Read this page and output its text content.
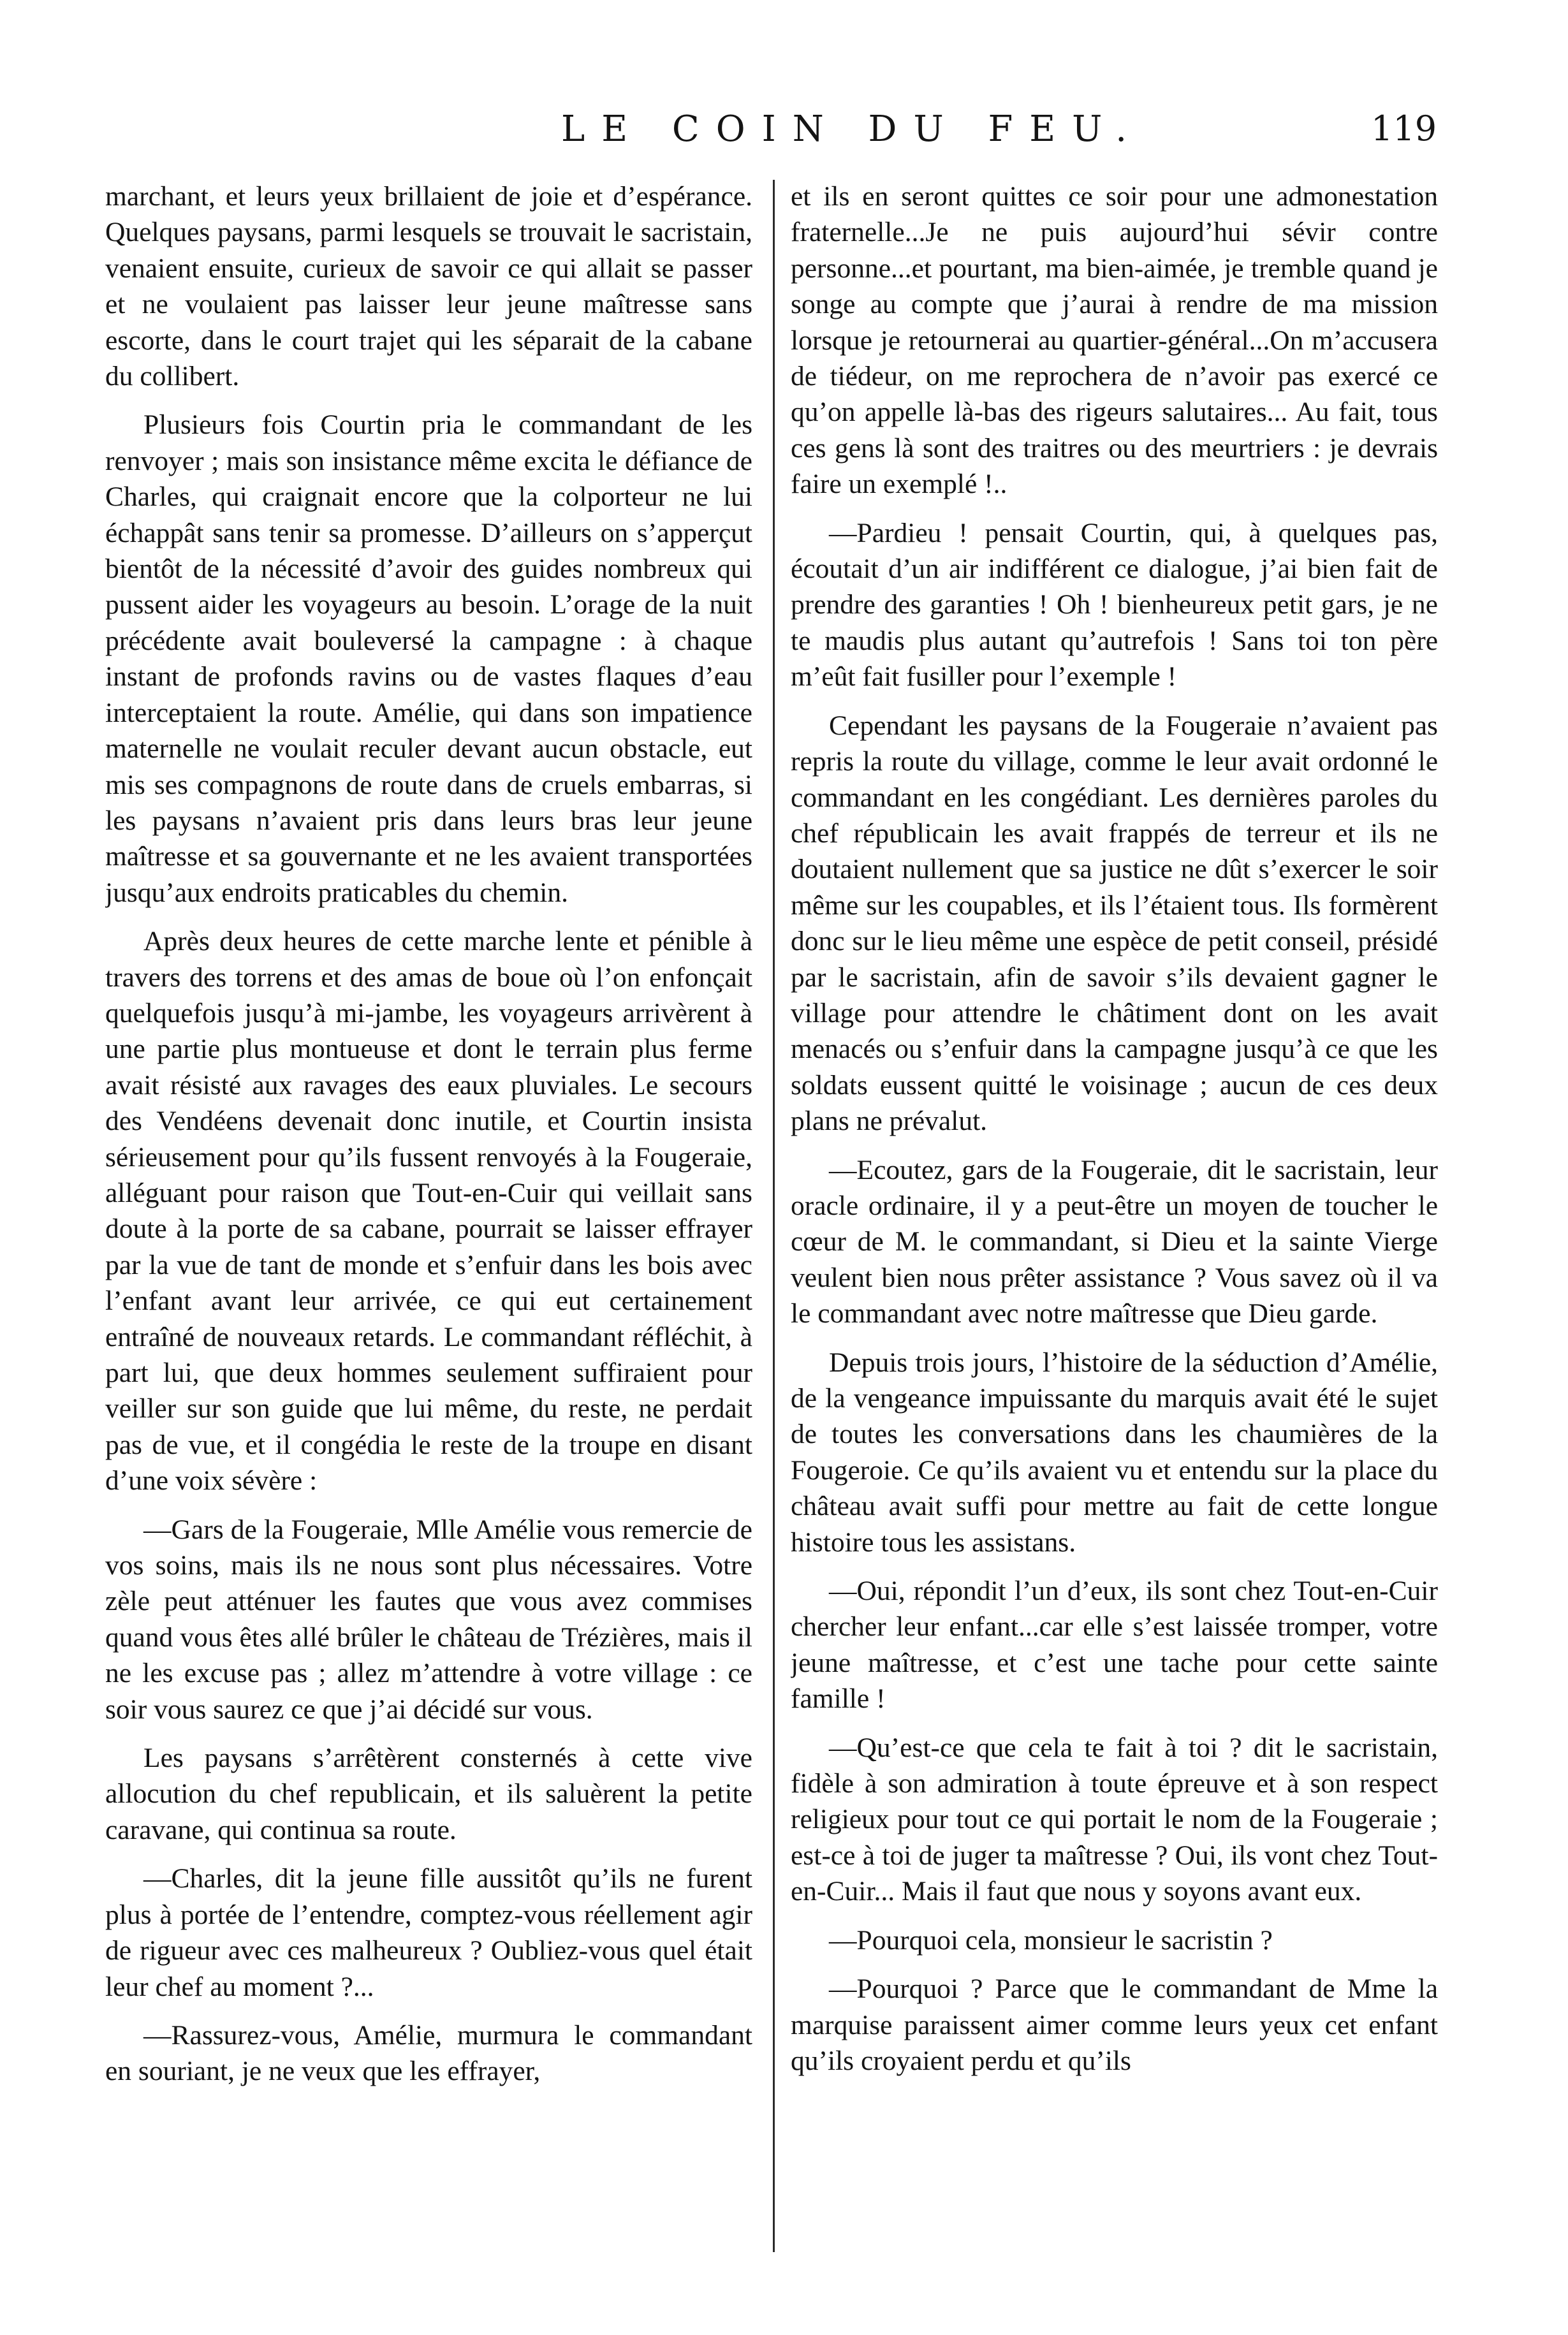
LE COIN DU FEU.	119

marchant, et leurs yeux brillaient de joie et d’espérance. Quelques paysans, parmi lesquels se trouvait le sacristain, venaient ensuite, curieux de savoir ce qui allait se passer et ne voulaient pas laisser leur jeune maîtresse sans escorte, dans le court trajet qui les séparait de la cabane du collibert.

Plusieurs fois Courtin pria le commandant de les renvoyer ; mais son insistance même excita le défiance de Charles, qui craignait encore que la colporteur ne lui échappât sans tenir sa promesse. D’ailleurs on s’apperçut bientôt de la nécessité d’avoir des guides nombreux qui pussent aider les voyageurs au besoin. L’orage de la nuit précédente avait bouleversé la campagne : à chaque instant de profonds ravins ou de vastes flaques d’eau interceptaient la route. Amélie, qui dans son impatience maternelle ne voulait reculer devant aucun obstacle, eut mis ses compagnons de route dans de cruels embarras, si les paysans n’avaient pris dans leurs bras leur jeune maîtresse et sa gouvernante et ne les avaient transportées jusqu’aux endroits praticables du chemin.

Après deux heures de cette marche lente et pénible à travers des torrens et des amas de boue où l’on enfonçait quelquefois jusqu’à mi-jambe, les voyageurs arrivèrent à une partie plus montueuse et dont le terrain plus ferme avait résisté aux ravages des eaux pluviales. Le secours des Vendéens devenait donc inutile, et Courtin insista sérieusement pour qu’ils fussent renvoyés à la Fougeraie, alléguant pour raison que Tout-en-Cuir qui veillait sans doute à la porte de sa cabane, pourrait se laisser effrayer par la vue de tant de monde et s’enfuir dans les bois avec l’enfant avant leur arrivée, ce qui eut certainement entraîné de nouveaux retards. Le commandant réfléchit, à part lui, que deux hommes seulement suffiraient pour veiller sur son guide que lui même, du reste, ne perdait pas de vue, et il congédia le reste de la troupe en disant d’une voix sévère :

—Gars de la Fougeraie, Mlle Amélie vous remercie de vos soins, mais ils ne nous sont plus nécessaires. Votre zèle peut atténuer les fautes que vous avez commises quand vous êtes allé brûler le château de Trézières, mais il ne les excuse pas ; allez m’attendre à votre village : ce soir vous saurez ce que j’ai décidé sur vous.

Les paysans s’arrêtèrent consternés à cette vive allocution du chef republicain, et ils saluèrent la petite caravane, qui continua sa route.

—Charles, dit la jeune fille aussitôt qu’ils ne furent plus à portée de l’entendre, comptez-vous réellement agir de rigueur avec ces malheureux ? Oubliez-vous quel était leur chef au moment ?...

—Rassurez-vous, Amélie, murmura le commandant en souriant, je ne veux que les effrayer,

et ils en seront quittes ce soir pour une admonestation fraternelle...Je ne puis aujourd’hui sévir contre personne...et pourtant, ma bien-aimée, je tremble quand je songe au compte que j’aurai à rendre de ma mission lorsque je retournerai au quartier-général...On m’accusera de tiédeur, on me reprochera de n’avoir pas exercé ce qu’on appelle là-bas des rigeurs salutaires... Au fait, tous ces gens là sont des traitres ou des meurtriers : je devrais faire un exemplé !..

—Pardieu ! pensait Courtin, qui, à quelques pas, écoutait d’un air indifférent ce dialogue, j’ai bien fait de prendre des garanties ! Oh ! bienheureux petit gars, je ne te maudis plus autant qu’autrefois ! Sans toi ton père m’eût fait fusiller pour l’exemple !

Cependant les paysans de la Fougeraie n’avaient pas repris la route du village, comme le leur avait ordonné le commandant en les congédiant. Les dernières paroles du chef républicain les avait frappés de terreur et ils ne doutaient nullement que sa justice ne dût s’exercer le soir même sur les coupables, et ils l’étaient tous. Ils formèrent donc sur le lieu même une espèce de petit conseil, présidé par le sacristain, afin de savoir s’ils devaient gagner le village pour attendre le châtiment dont on les avait menacés ou s’enfuir dans la campagne jusqu’à ce que les soldats eussent quitté le voisinage ; aucun de ces deux plans ne prévalut.

—Ecoutez, gars de la Fougeraie, dit le sacristain, leur oracle ordinaire, il y a peut-être un moyen de toucher le cœur de M. le commandant, si Dieu et la sainte Vierge veulent bien nous prêter assistance ? Vous savez où il va le commandant avec notre maîtresse que Dieu garde.

Depuis trois jours, l’histoire de la séduction d’Amélie, de la vengeance impuissante du marquis avait été le sujet de toutes les conversations dans les chaumières de la Fougeroie. Ce qu’ils avaient vu et entendu sur la place du château avait suffi pour mettre au fait de cette longue histoire tous les assistans.

—Oui, répondit l’un d’eux, ils sont chez Tout-en-Cuir chercher leur enfant...car elle s’est laissée tromper, votre jeune maîtresse, et c’est une tache pour cette sainte famille !

—Qu’est-ce que cela te fait à toi ? dit le sacristain, fidèle à son admiration à toute épreuve et à son respect religieux pour tout ce qui portait le nom de la Fougeraie ; est-ce à toi de juger ta maîtresse ? Oui, ils vont chez Tout-en-Cuir... Mais il faut que nous y soyons avant eux.

—Pourquoi cela, monsieur le sacristin ?

—Pourquoi ? Parce que le commandant de Mme la marquise paraissent aimer comme leurs yeux cet enfant qu’ils croyaient perdu et qu’ils
